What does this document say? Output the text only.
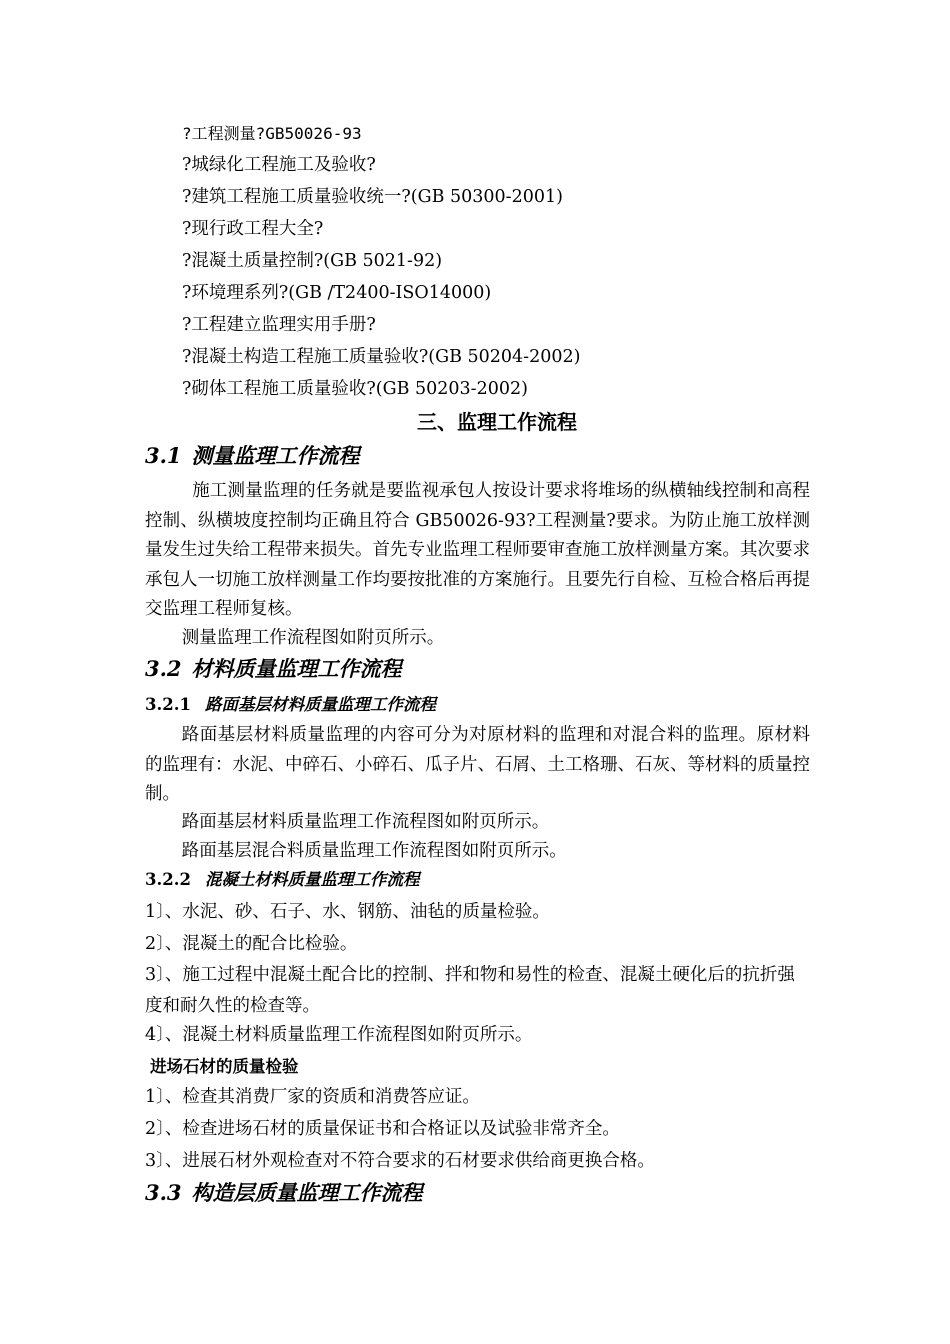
?工程测量?GB50026-93
?城绿化工程施工及验收?
?建筑工程施工质量验收统一?(GB 50300-2001)
?现行政工程大全?
?混凝土质量控制?(GB 5021-92)
?环境理系列?(GB /T2400-ISO14000)
?工程建立监理实用手册?
?混凝土构造工程施工质量验收?(GB 50204-2002)
?砌体工程施工质量验收?(GB 50203-2002)
三、监理工作流程
3.1 测量监理工作流程
施工测量监理的任务就是要监视承包人按设计要求将堆场的纵横轴线控制和高程控制、纵横坡度控制均正确且符合 GB50026-93?工程测量?要求。为防止施工放样测量发生过失给工程带来损失。首先专业监理工程师要审查施工放样测量方案。其次要求承包人一切施工放样测量工作均要按批准的方案施行。且要先行自检、互检合格后再提交监理工程师复核。
测量监理工作流程图如附页所示。
3.2 材料质量监理工作流程
3.2.1 路面基层材料质量监理工作流程
路面基层材料质量监理的内容可分为对原材料的监理和对混合料的监理。原材料的监理有：水泥、中碎石、小碎石、瓜子片、石屑、土工格珊、石灰、等材料的质量控制。
路面基层材料质量监理工作流程图如附页所示。
路面基层混合料质量监理工作流程图如附页所示。
3.2.2 混凝土材料质量监理工作流程
1〕、水泥、砂、石子、水、钢筋、油毡的质量检验。
2〕、混凝土的配合比检验。
3〕、施工过程中混凝土配合比的控制、拌和物和易性的检查、混凝土硬化后的抗折强度和耐久性的检查等。
4〕、混凝土材料质量监理工作流程图如附页所示。
进场石材的质量检验
1〕、检查其消费厂家的资质和消费答应证。
2〕、检查进场石材的质量保证书和合格证以及试验非常齐全。
3〕、进展石材外观检查对不符合要求的石材要求供给商更换合格。
3.3 构造层质量监理工作流程
